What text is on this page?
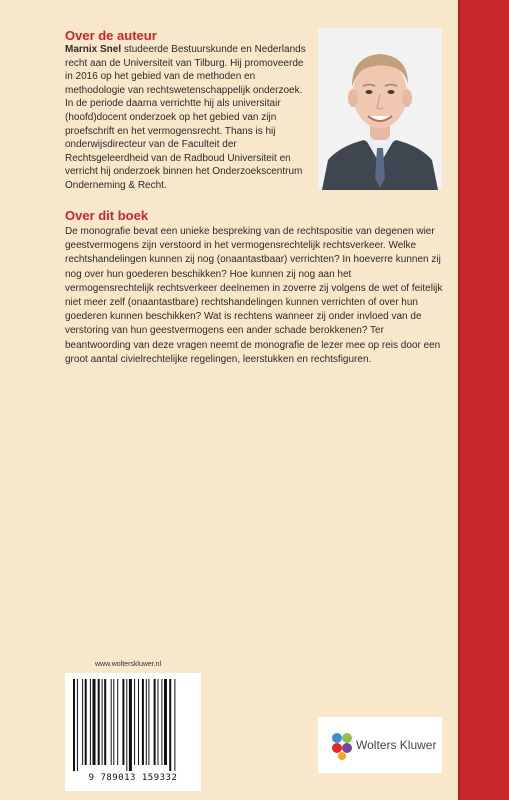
Over de auteur

Marnix Snel studeerde Bestuurskunde en Nederlands recht aan de Universiteit van Tilburg. Hij promoveerde in 2016 op het gebied van de methoden en methodologie van rechtswetenschappelijk onderzoek. In de periode daarna verrichtte hij als universitair (hoofd)docent onderzoek op het gebied van zijn proefschrift en het vermogensrecht. Thans is hij onderwijsdirecteur van de Faculteit der Rechtsgeleerdheid van de Radboud Universiteit en verricht hij onderzoek binnen het Onderzoekscentrum Onderneming & Recht.

Over dit boek

De monografie bevat een unieke bespreking van de rechtspositie van degenen wier geestvermogens zijn verstoord in het vermogensrechtelijk rechtsverkeer. Welke rechtshandelingen kunnen zij nog (onaantastbaar) verrichten? In hoeverre kunnen zij nog over hun goederen beschikken? Hoe kunnen zij nog aan het vermogensrechtelijk rechtsverkeer deelnemen in zoverre zij volgens de wet of feitelijk niet meer zelf (onaantastbare) rechtshandelingen kunnen verrichten of over hun goederen kunnen beschikken? Wat is rechtens wanneer zij onder invloed van de verstoring van hun geestvermogens een ander schade berokkenen? Ter beantwoording van deze vragen neemt de monografie de lezer mee op reis door een groot aantal civielrechtelijke regelingen, leerstukken en rechtsfiguren.

www.wolterskluwer.nl
9 789013 159332
Wolters Kluwer
